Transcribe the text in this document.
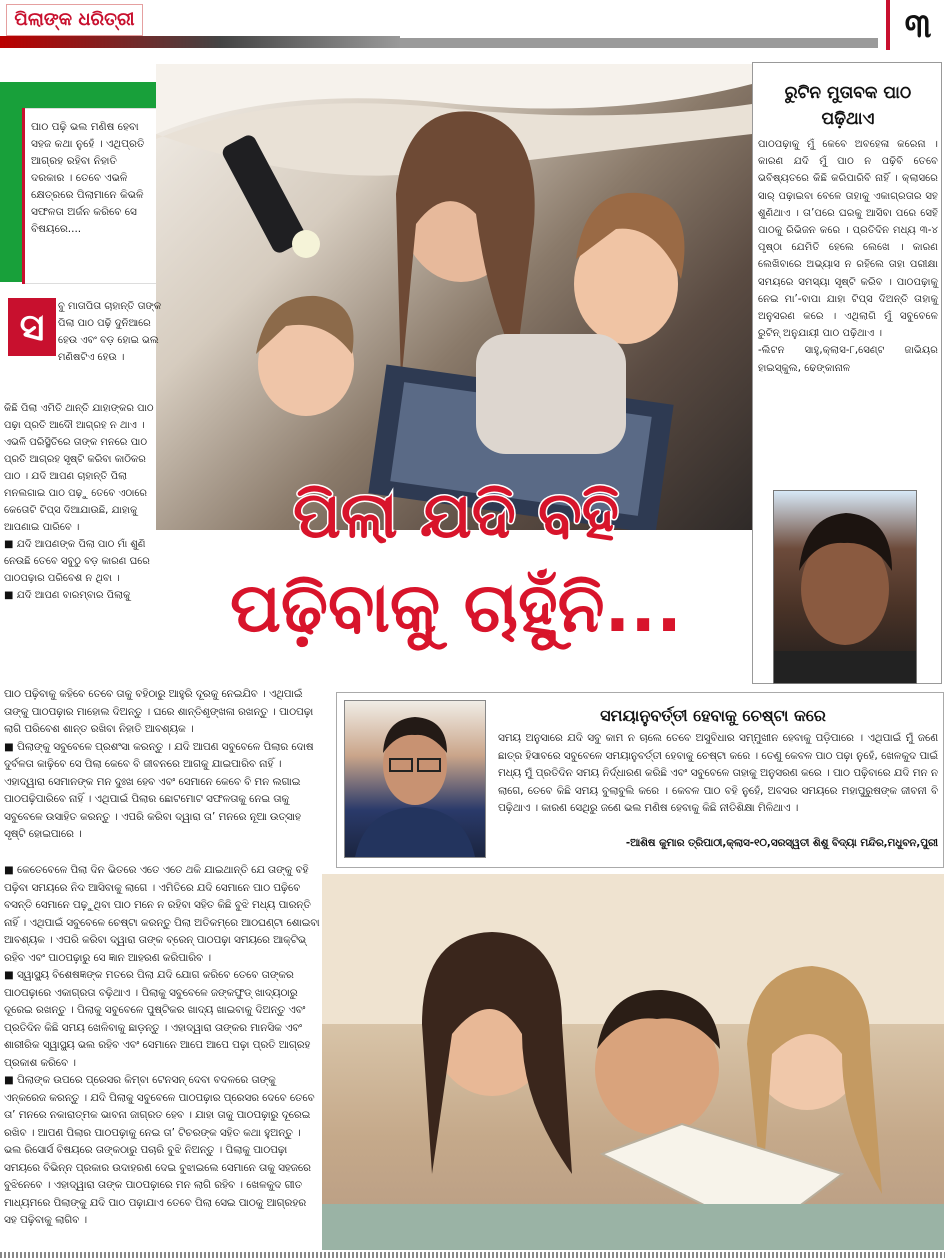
ପିଲାଙ୍କ ଧରିତ୍ରୀ	୩
ପାଠ ପଢ଼ି ଭଲ ମଣିଷ ହେବା ସହଜ କଥା ନୁହେଁ । ଏଥିପ୍ରତି ଆଗ୍ରହ ରହିବା ନିହାତି ଦରକାର । ତେବେ ଏଭଳି କ୍ଷେତ୍ରରେ ପିଲାମାନେ କିଭଳି ସଫଳତା ଅର୍ଜନ କରିବେ ସେ ବିଷୟରେ....
ରୁଟିନ ମୁତାବକ ପାଠ ପଢ଼ିଥାଏ
ପାଠପଢ଼ାକୁ ମୁଁ କେବେ ଅବହେଳା କରେନା । କାରଣ ଯଦି ମୁଁ ପାଠ ନ ପଢ଼ିବି ତେବେ ଭବିଷ୍ୟତରେ କିଛି କରିପାରିବି ନାହିଁ । କ୍ଲାସରେ ସାର୍ ପଢ଼ାଇବା ବେଳେ ତାହାକୁ ଏକାଗ୍ରତାର ସହ ଶୁଣିଥାଏ । ତା’ପରେ ଘରକୁ ଆସିବା ପରେ ସେହି ପାଠକୁ ରିଭିଜନ କରେ । ପ୍ରତିଦିନ ମଧ୍ୟ ୩-୪ ପୃଷ୍ଠା ଯେମିତି ହେଲେ ଲେଖେ । କାରଣ ଲେଖିବାରେ ଅଭ୍ୟାସ ନ ରହିଲେ ତାହା ପରୀକ୍ଷା ସମୟରେ ସମସ୍ୟା ସୃଷ୍ଟି କରିବ । ପାଠପଢ଼ାକୁ ନେଇ ମା’-ବାପା ଯାହା ଟିପ୍ସ ଦିଅନ୍ତି ତାହାକୁ ଅନୁସରଣ କରେ । ଏଥିଲାଗି ମୁଁ ସବୁବେଳେ ରୁଟିନ୍ ଅନୁଯାୟୀ ପାଠ ପଢ଼ିଥାଏ ।
-ଲିଟନ ସାହୁ,କ୍ଲାସ-୮,ସେଣ୍ଟ ଜାଭିୟର ହାଇସ୍କୁଲ, ଢେଙ୍କାନାଳ
ସ	ବୁ ମାତାପିତା ଚାହାନ୍ତି ତାଙ୍କ ପିଲା ପାଠ ପଢ଼ି ଦୁନିଆରେ ହେଉ ଏବଂ ବଡ଼ ହୋଇ ଭଲ ମଣିଷଟିଏ ହେଉ ।

କିଛି ପିଲା ଏମିତି ଥାନ୍ତି ଯାହାଙ୍କର ପାଠ ପଢ଼ା ପ୍ରତି ଆଦୌ ଆଗ୍ରହ ନ ଥାଏ । ଏଭଳି ପରିସ୍ଥିତିରେ ତାଙ୍କ ମନରେ ପାଠ ପ୍ରତି ଆଗ୍ରହ ସୃଷ୍ଟି କରିବା କାଠିକର ପାଠ । ଯଦି ଆପଣ ଚାହାନ୍ତି ପିଲା ମନଲଗାଇ ପାଠ ପଢ଼ୁ ତେବେ ଏଠାରେ କେତୋଟି ଟିପ୍ସ ଦିଆଯାଉଛି, ଯାହାକୁ ଆପଣାଇ ପାରିବେ ।

■ ଯଦି ଆପଣଙ୍କ ପିଲା ପାଠ ମାଁ ଶୁଣି ନେଉଛି ତେବେ ସବୁଠୁ ବଡ଼ କାରଣ ଘରେ ପାଠପଢ଼ାର ପରିବେଶ ନ ଥିବା ।

■ ଯଦି ଆପଣ ବାରମ୍ବାର ପିଲାକୁ

ପିଲା ଯଦି ବହି
ପଢ଼ିବାକୁ ଚାହୁଁନି...

ପାଠ ପଢ଼ିବାକୁ କହିବେ ତେବେ ତାକୁ ବହିଠାରୁ ଆହୁରି ଦୂରକୁ ନେଇଯିବ । ଏଥିପାଇଁ ତାଙ୍କୁ ପାଠପଢ଼ାର ମାହୋଲ ଦିଅନ୍ତୁ । ଘରେ ଶାନ୍ତିଶୃଙ୍ଖଳା ରଖନ୍ତୁ । ପାଠପଢ଼ା ଲାଗି ପରିବେଶ ଶାନ୍ତ ରଖିବା ନିହାତି ଆବଶ୍ୟକ ।

■ ପିଲାଙ୍କୁ ସବୁବେଳେ ପ୍ରଶଂସା କରନ୍ତୁ । ଯଦି ଆପଣ ସବୁବେଳେ ପିଲାର ଦୋଷ ଦୁର୍ବଳତା କାଢ଼ିବେ ସେ ପିଲା କେବେ ବି ଜୀବନରେ ଆଗକୁ ଯାଇପାରିବ ନାହିଁ । ଏହାଦ୍ୱାରା ସେମାନଙ୍କ ମନ ଦୁଃଖ ହେବ ଏବଂ ସେମାନେ କେବେ ବି ମନ ଲଗାଇ ପାଠପଢ଼ିପାରିବେ ନାହିଁ । ଏଥିପାଇଁ ପିଲାର ଛୋଟମୋଟ ସଫଳତାକୁ ନେଇ ତାକୁ ସବୁବେଳେ ଉସାହିତ କରନ୍ତୁ । ଏପରି କରିବା ଦ୍ୱାରା ତା’ ମନରେ ନୂଆ ଉତ୍ସାହ ସୃଷ୍ଟି ହୋଇପାରେ ।

■ କେତେବେଳେ ପିଲା ଦିନ ଭିତରେ ଏତେ ଏତେ ଥକି ଯାଇଥାନ୍ତି ଯେ ତାଙ୍କୁ ବହି ପଢ଼ିବା ସମୟରେ ନିଦ ଆସିବାକୁ ଲାଗେ । ଏମିତିରେ ଯଦି ସେମାନେ ପାଠ ପଢ଼ିବେ ବସନ୍ତି ସେମାନେ ପଢ଼ୁଥିବା ପାଠ ମନେ ନ ରହିବା ସହିତ କିଛି ବୁଝି ମଧ୍ୟ ପାରନ୍ତି ନାହିଁ । ଏଥିପାଇଁ ସବୁବେଳେ ଚେଷ୍ଟା କରନ୍ତୁ ପିଲା ଅତିକମ୍ରେ ଆଠଘଣ୍ଟା ଶୋଇବା ଆବଶ୍ୟକ । ଏପରି କରିବା ଦ୍ୱାରା ତାଙ୍କ ବ୍ରେନ୍ ପାଠପଢ଼ା ସମୟରେ ଆକ୍ଟିଭ୍ ରହିବ ଏବଂ ପାଠପଢ଼ାରୁ ସେ ଜ୍ଞାନ ଆହରଣ କରିପାରିବ ।

■ ସ୍ୱାସ୍ଥ୍ୟ ବିଶେଷଜ୍ଞଙ୍କ ମତରେ ପିଲା ଯଦି ଯୋଗ କରିବେ ତେବେ ତାଙ୍କର ପାଠପଢ଼ାରେ ଏକାଗ୍ରତା ବଢ଼ିଥାଏ । ପିଲାକୁ ସବୁବେଳେ ଜଙ୍କଫୁଡ୍ ଖାଦ୍ୟଠାରୁ ଦୂରେଇ ରଖନ୍ତୁ । ପିଲାକୁ ସବୁବେଳେ ପୁଷ୍ଟିକର ଖାଦ୍ୟ ଖାଇବାକୁ ଦିଅନ୍ତୁ ଏବଂ ପ୍ରତିଦିନ କିଛି ସମୟ ଖେଳିବାକୁ ଛାଡ଼ନ୍ତୁ । ଏହାଦ୍ୱାରା ତାଙ୍କର ମାନସିକ ଏବଂ ଶାରୀରିକ ସ୍ୱାସ୍ଥ୍ୟ ଭଲ ରହିବ ଏବଂ ସେମାନେ ଆପେ ଆପେ ପଢ଼ା ପ୍ରତି ଆଗ୍ରହ ପ୍ରକାଶ କରିବେ ।

■ ପିଲାଙ୍କ ଉପରେ ପ୍ରେସର କିମ୍ବା ଟେନସନ୍ ଦେବା ବଦଳରେ ତାଙ୍କୁ ଏନ୍କରେଜ କରନ୍ତୁ । ଯଦି ପିଲାକୁ ସବୁବେଳେ ପାଠପଢ଼ାର ପ୍ରେସର ଦେବେ ତେବେ ତା’ ମନରେ ନକାରାତ୍ମକ ଭାବନା ଜାଗ୍ରତ ହେବ । ଯାହା ତାକୁ ପାଠପଢ଼ାରୁ ଦୂରେଇ ରଖିବ । ଆପଣ ପିଲାର ପାଠପଢ଼ାକୁ ନେଇ ତା’ ଟିଚରଙ୍କ ସହିତ କଥା ହୁଅନ୍ତୁ । ଭଲ ରିସୋର୍ସ ବିଷୟରେ ତାଙ୍କଠାରୁ ପଚାରି ବୁଝି ନିଅନ୍ତୁ । ପିଲାକୁ ପାଠପଢ଼ା ସମୟରେ ବିଭିନ୍ନ ପ୍ରକାର ଉଦାହରଣ ଦେଇ ବୁଝାଇଲେ ସେମାନେ ତାକୁ ସହଜରେ ବୁଝିନେବେ । ଏହାଦ୍ୱାରା ତାଙ୍କ ପାଠପଢ଼ାରେ ମନ ଲାଗି ରହିବ । ଖେଳକୁଦ ଗୀତ ମାଧ୍ୟମରେ ପିଲାଙ୍କୁ ଯଦି ପାଠ ପଢ଼ାଯାଏ ତେବେ ପିଲା ସେଇ ପାଠକୁ ଆଗ୍ରହର ସହ ପଢ଼ିବାକୁ ଲାଗିବ ।

ସମୟାନୁବର୍ତ୍ତୀ ହେବାକୁ ଚେଷ୍ଟା କରେ
ସମୟ ଅନୁସାରେ ଯଦି ସବୁ କାମ ନ ଚାଲେ ତେବେ ଅସୁବିଧାର ସମ୍ମୁଖୀନ ହେବାକୁ ପଡ଼ିପାରେ । ଏଥିପାଇଁ ମୁଁ ଜଣେ ଛାତ୍ର ହିସାବରେ ସବୁବେଳେ ସମୟାନୁବର୍ତ୍ତୀ ହେବାକୁ ଚେଷ୍ଟା କରେ । ତେଣୁ କେବଳ ପାଠ ପଢ଼ା ନୁହେଁ, ଖେଳକୁଦ ପାଇଁ ମଧ୍ୟ ମୁଁ ପ୍ରତିଦିନ ସମୟ ନିର୍ଦ୍ଧାରଣ କରିଛି ଏବଂ ସବୁବେଳେ ତାହାକୁ ଅନୁସରଣ କରେ । ପାଠ ପଢ଼ିବାରେ ଯଦି ମନ ନ ଲାଗେ, ତେବେ କିଛି ସମୟ ବୁଲାବୁଲି କରେ । କେବଳ ପାଠ ବହି ନୁହେଁ, ଅବସର ସମୟରେ ମହାପୁରୁଷଙ୍କ ଜୀବନୀ ବି ପଢ଼ିଥାଏ । କାରଣ ସେଥିରୁ ଜଣେ ଭଲ ମଣିଷ ହେବାକୁ କିଛି ନୀତିଶିକ୍ଷା ମିଳିଥାଏ ।
-ଆଶିଷ କୁମାର ତ୍ରିପାଠୀ,କ୍ଲାସ-୧୦,ସରସ୍ୱତୀ ଶିଶୁ ବିଦ୍ୟା ମନ୍ଦିର,ମଧୁବନ,ପୁରୀ
